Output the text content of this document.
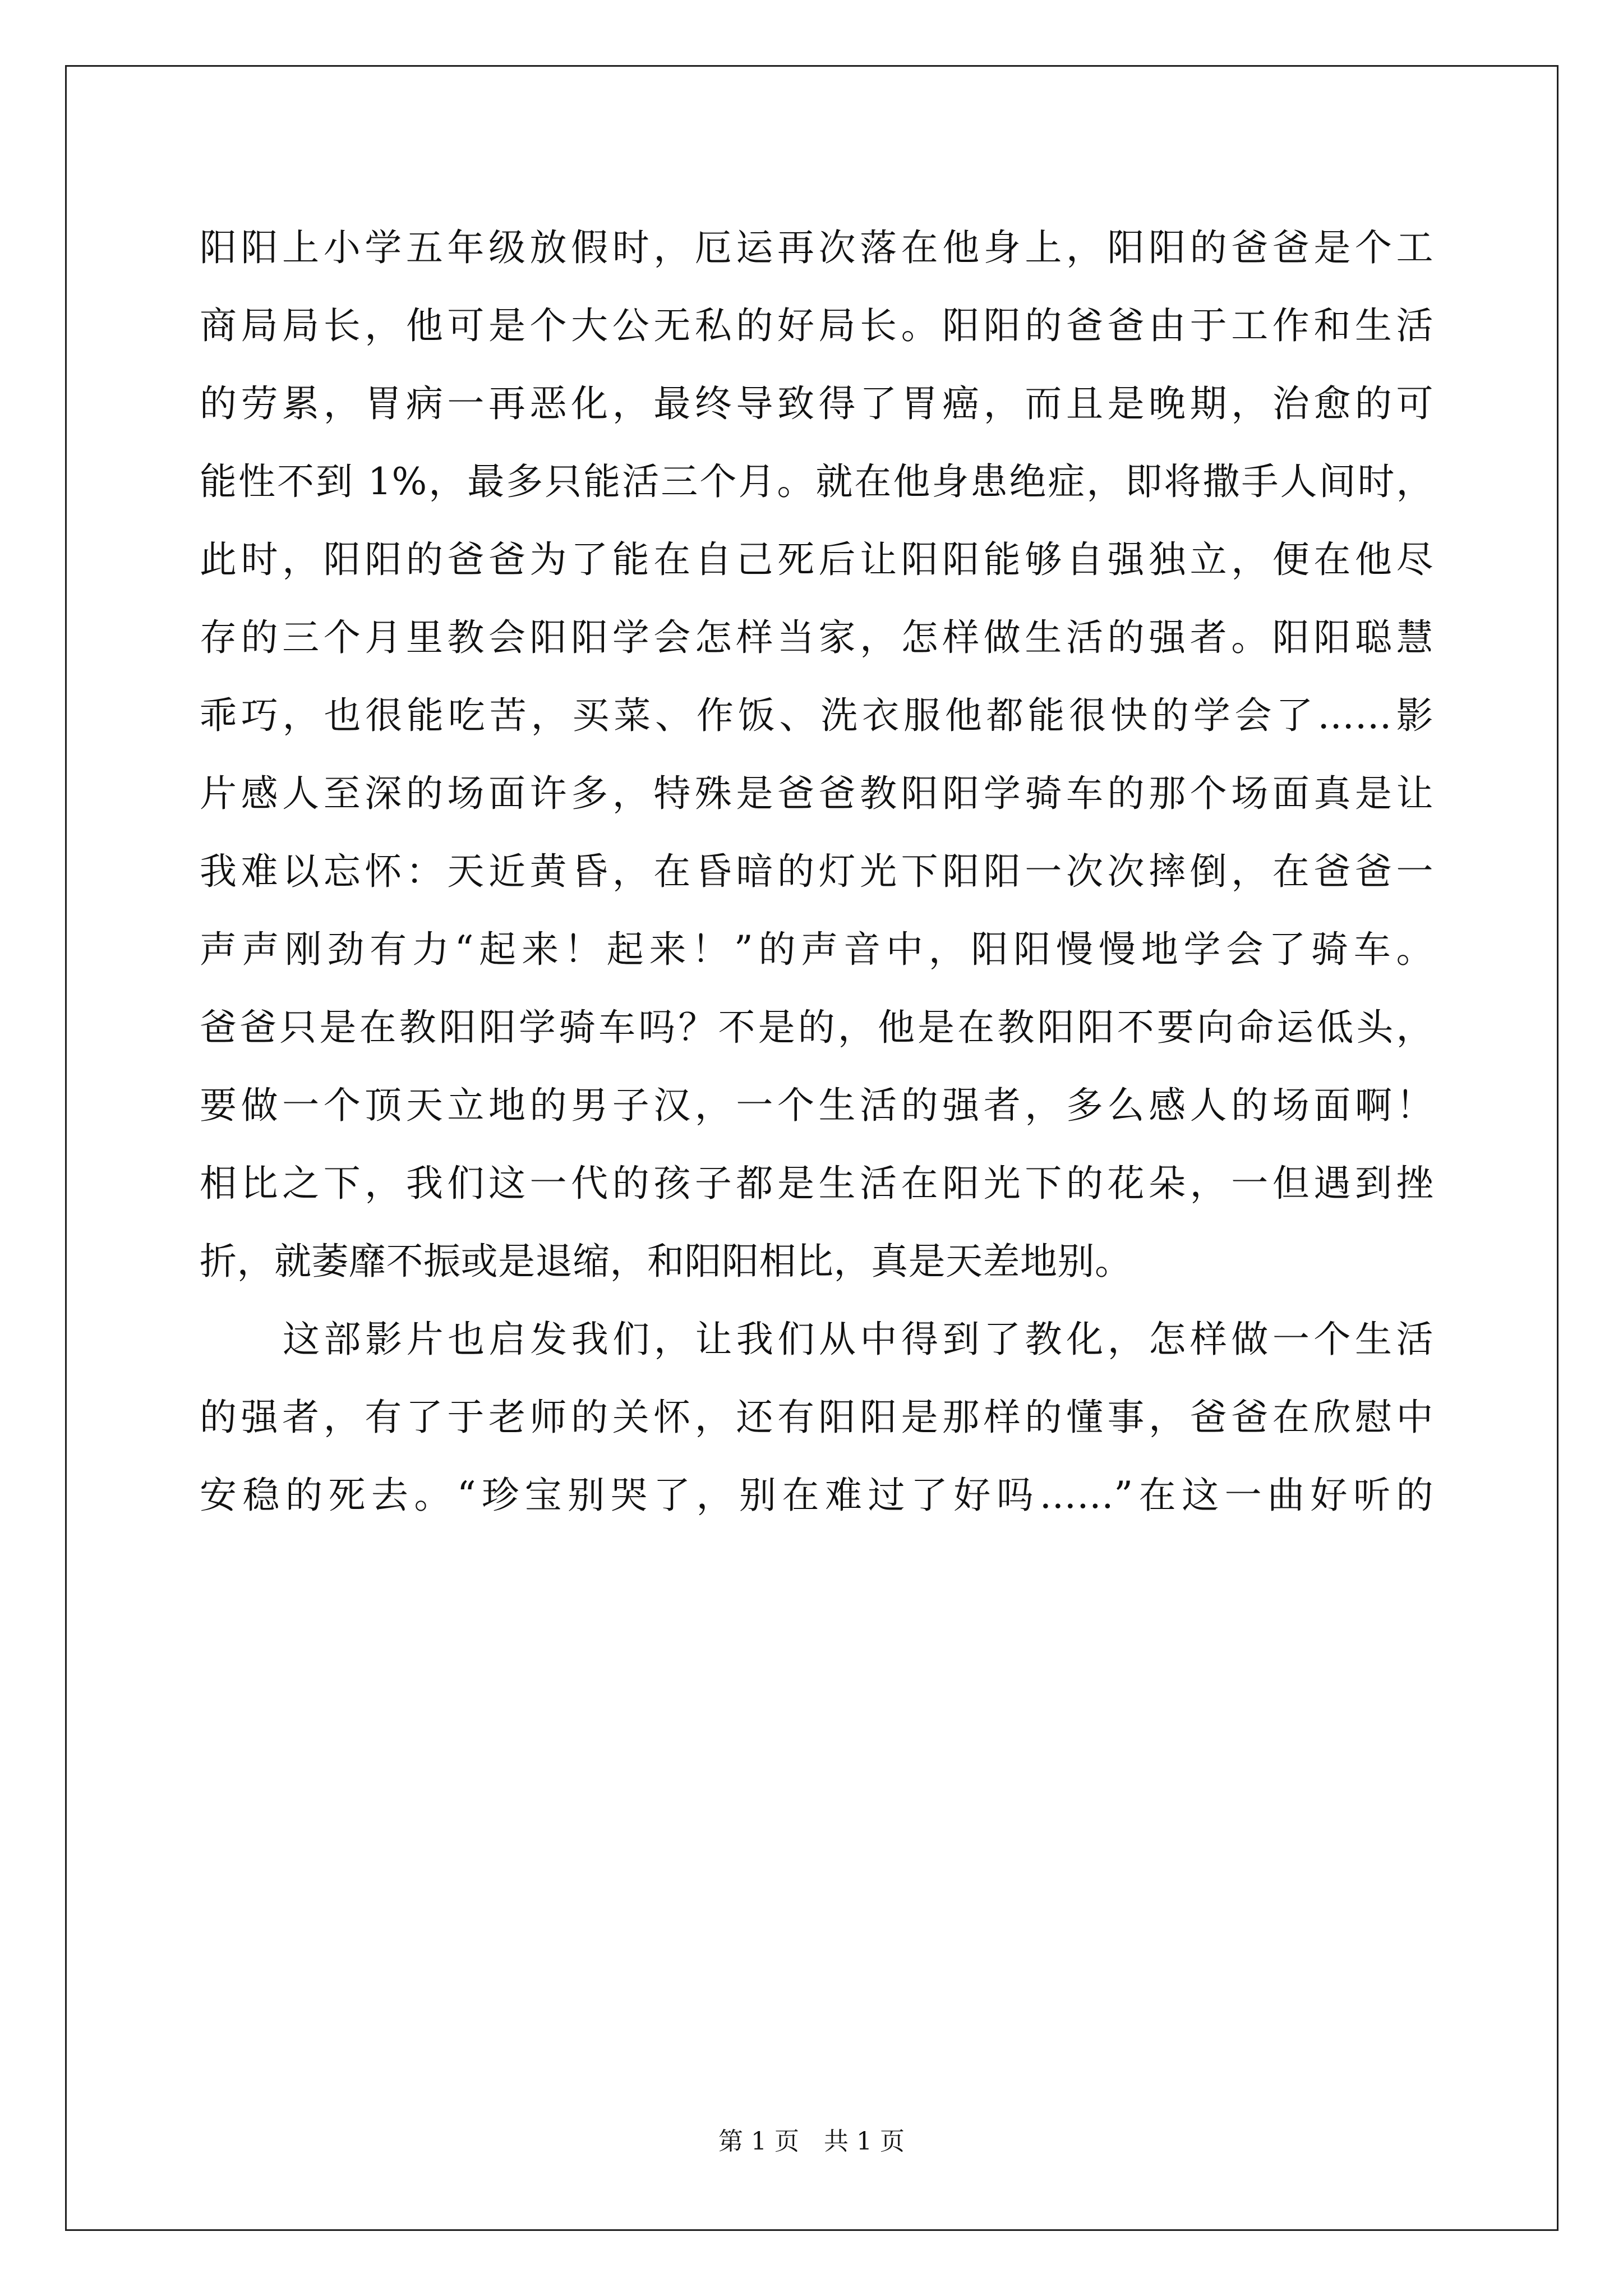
阳阳上小学五年级放假时，厄运再次落在他身上，阳阳的爸爸是个工
商局局长，他可是个大公无私的好局长。阳阳的爸爸由于工作和生活
的劳累，胃病一再恶化，最终导致得了胃癌，而且是晚期，治愈的可
能性不到 1%，最多只能活三个月。就在他身患绝症，即将撒手人间时，
此时，阳阳的爸爸为了能在自己死后让阳阳能够自强独立，便在他尽
存的三个月里教会阳阳学会怎样当家，怎样做生活的强者。阳阳聪慧
乖巧，也很能吃苦，买菜、作饭、洗衣服他都能很快的学会了……影
片感人至深的场面许多，特殊是爸爸教阳阳学骑车的那个场面真是让
我难以忘怀：天近黄昏，在昏暗的灯光下阳阳一次次摔倒，在爸爸一
声声刚劲有力“起来！起来！”的声音中，阳阳慢慢地学会了骑车。
爸爸只是在教阳阳学骑车吗？不是的，他是在教阳阳不要向命运低头，
要做一个顶天立地的男子汉，一个生活的强者，多么感人的场面啊！
相比之下，我们这一代的孩子都是生活在阳光下的花朵，一但遇到挫
折，就萎靡不振或是退缩，和阳阳相比，真是天差地别。
这部影片也启发我们，让我们从中得到了教化，怎样做一个生活
的强者，有了于老师的关怀，还有阳阳是那样的懂事，爸爸在欣慰中
安稳的死去。“珍宝别哭了，别在难过了好吗……”在这一曲好听的
第 1 页　共 1 页
